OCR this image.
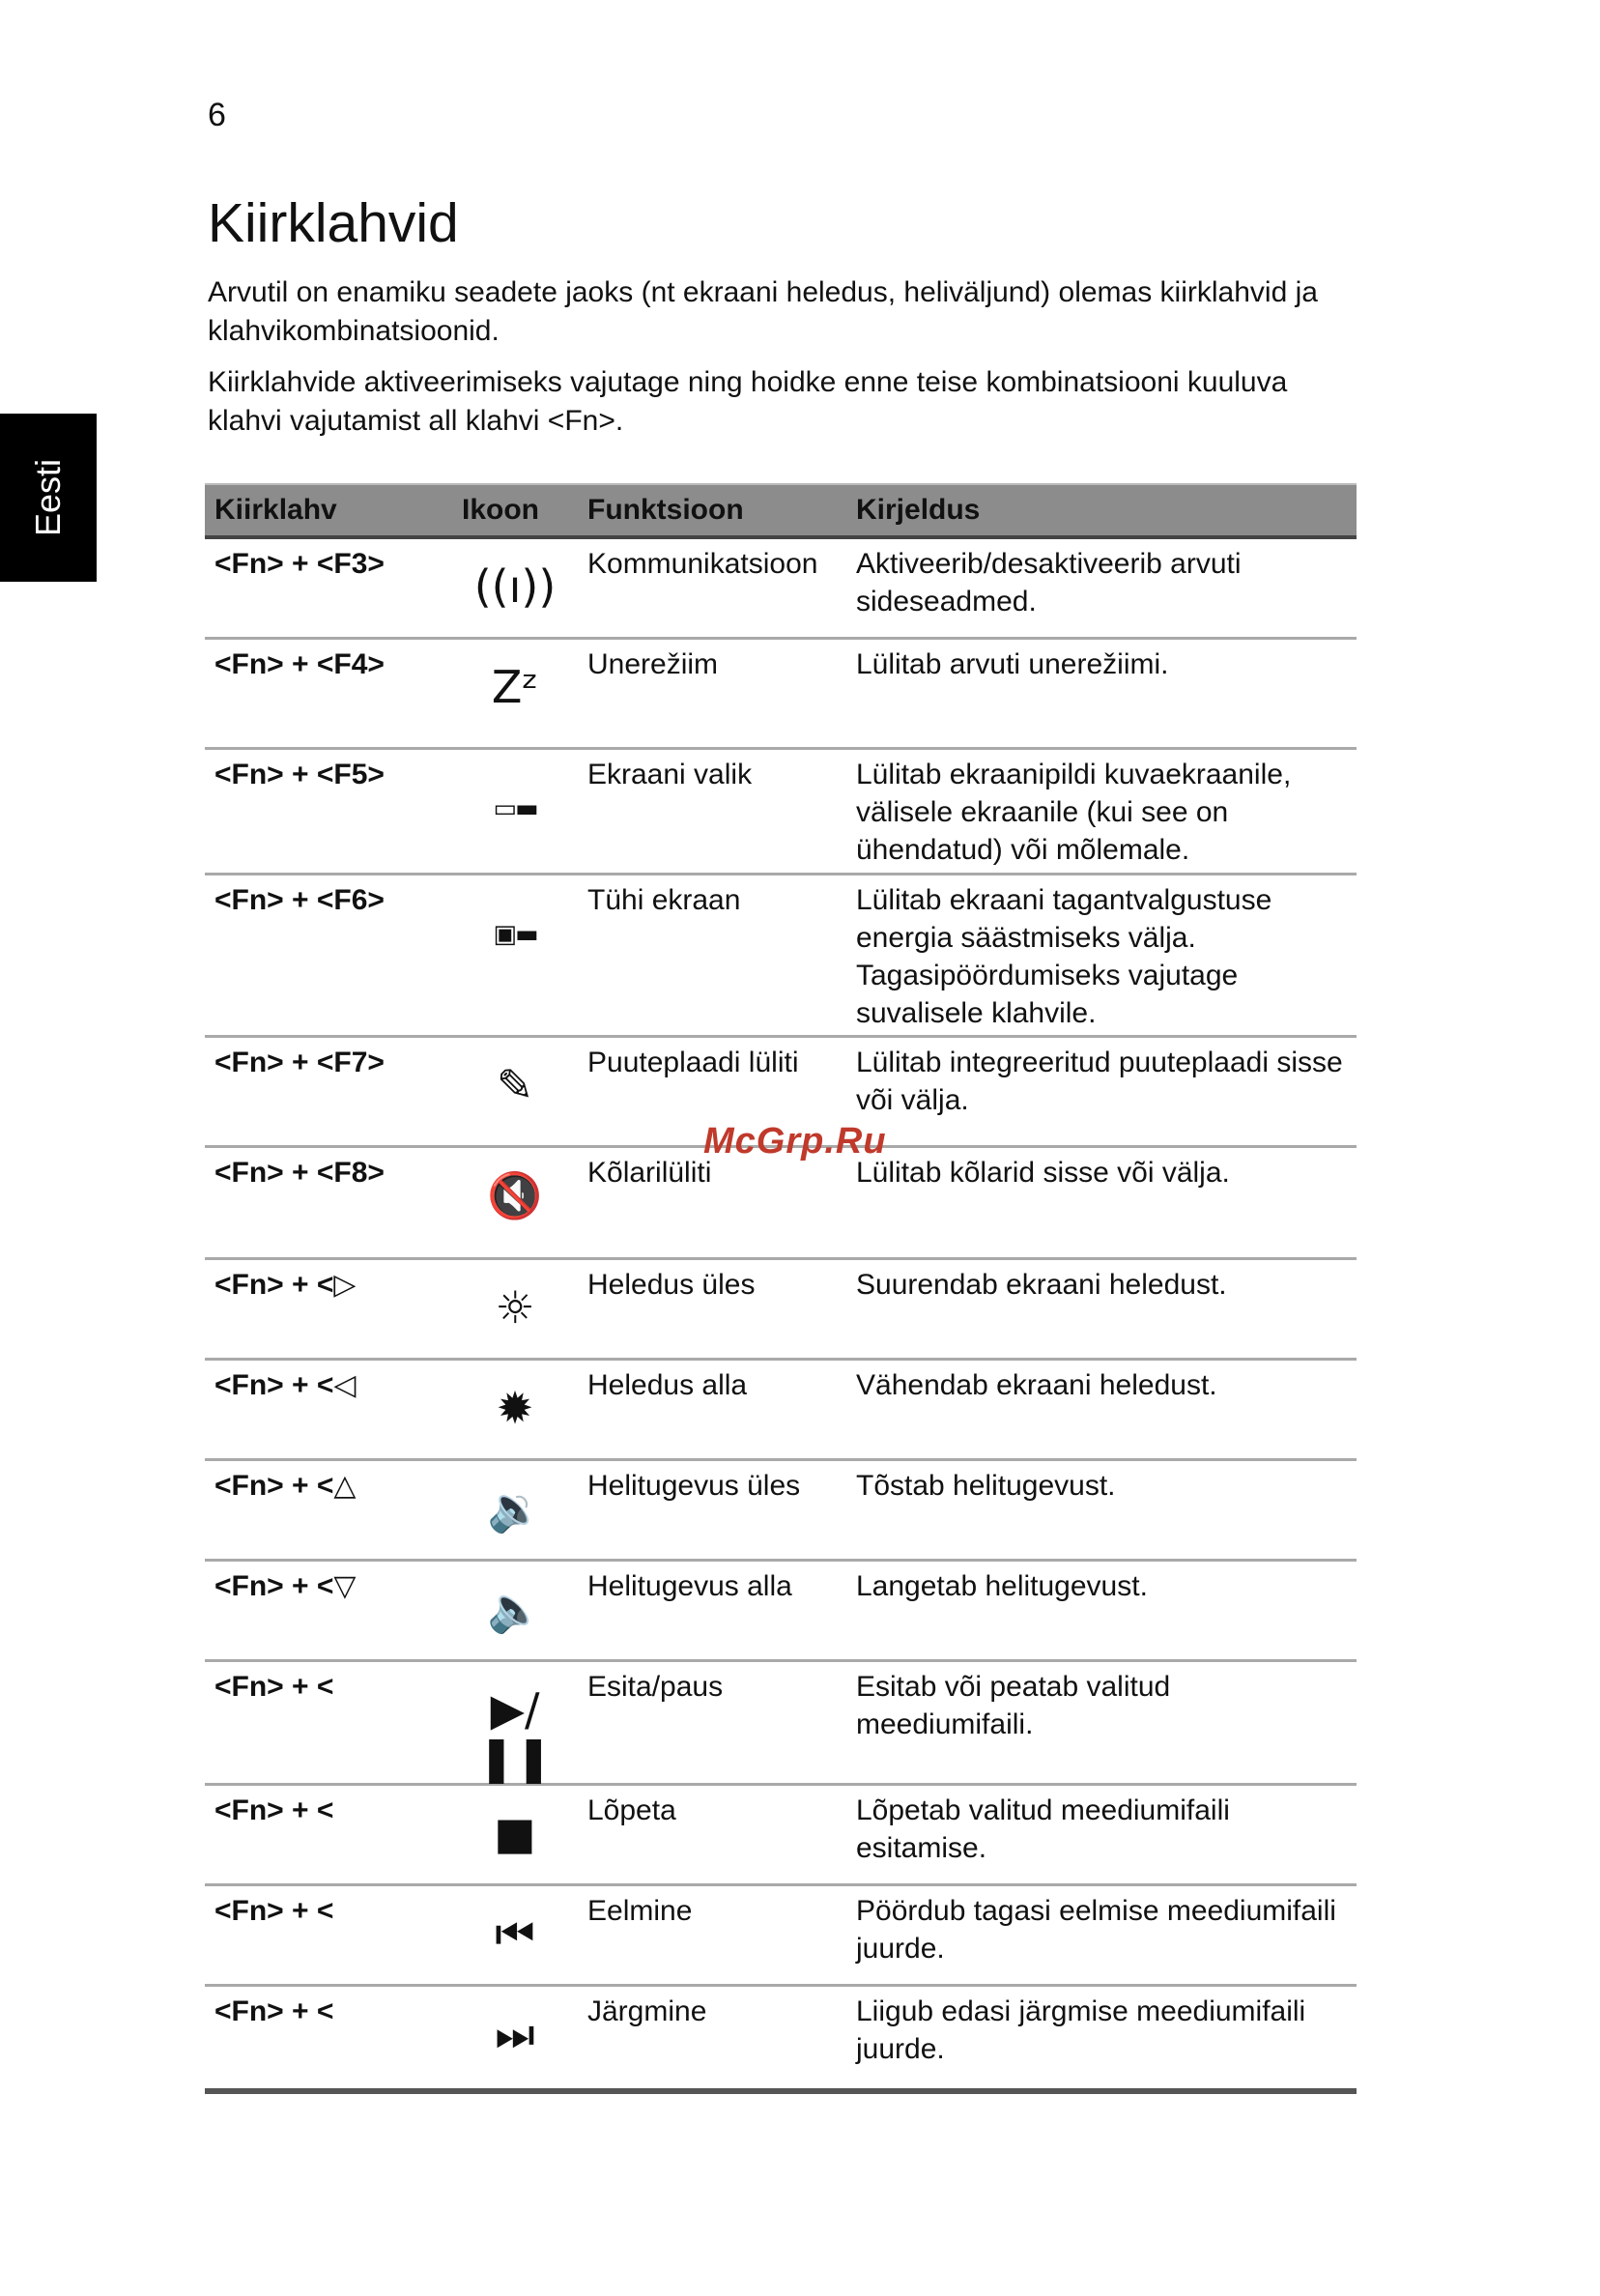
6
Eesti
Kiirklahvid

Arvutil on enamiku seadete jaoks (nt ekraani heledus, heliväljund) olemas kiirklahvid ja klahvikombinatsioonid.

Kiirklahvide aktiveerimiseks vajutage ning hoidke enne teise kombinatsiooni kuuluva klahvi vajutamist all klahvi <Fn>.

Kiirklahv	Ikoon	Funktsioon	Kirjeldus
<Fn> + <F3>	((ı))	Kommunikatsioon	Aktiveerib/desaktiveerib arvuti sideseadmed.
<Fn> + <F4>	Zᶻ	Unerežiim	Lülitab arvuti unerežiimi.
<Fn> + <F5>	▭▬	Ekraani valik	Lülitab ekraanipildi kuvaekraanile, välisele ekraanile (kui see on ühendatud) või mõlemale.
<Fn> + <F6>	▣▬	Tühi ekraan	Lülitab ekraani tagantvalgustuse energia säästmiseks välja. Tagasipöördumiseks vajutage suvalisele klahvile.
<Fn> + <F7>	✎	Puuteplaadi lüliti	Lülitab integreeritud puuteplaadi sisse või välja.
<Fn> + <F8>	🔇	Kõlarilüliti	Lülitab kõlarid sisse või välja.
<Fn> + <▷	☼	Heledus üles	Suurendab ekraani heledust.
<Fn> + <◁	✹	Heledus alla	Vähendab ekraani heledust.
<Fn> + <△	🔉	Helitugevus üles	Tõstab helitugevust.
<Fn> + <▽	🔈	Helitugevus alla	Langetab helitugevust.
<Fn> + <	▶/❚❚	Esita/paus	Esitab või peatab valitud meediumifaili.
<Fn> + <	■	Lõpeta	Lõpetab valitud meediumifaili esitamise.
<Fn> + <	⏮	Eelmine	Pöördub tagasi eelmise meediumifaili juurde.
<Fn> + <	⏭	Järgmine	Liigub edasi järgmise meediumifaili juurde.
McGrp.Ru
